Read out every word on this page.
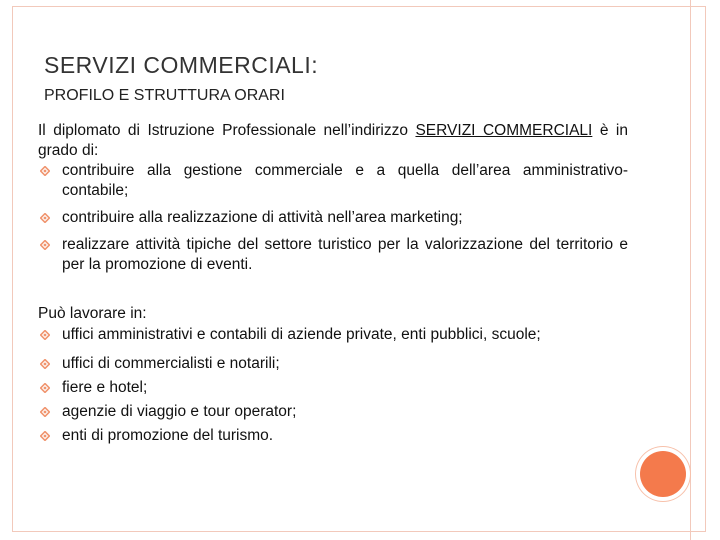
SERVIZI COMMERCIALI:
PROFILO E STRUTTURA ORARI
Il diplomato di Istruzione Professionale nell’indirizzo SERVIZI COMMERCIALI è in grado di:
contribuire alla gestione commerciale e a quella dell’area amministrativo-contabile;
contribuire alla realizzazione di attività nell’area marketing;
realizzare attività tipiche del settore turistico per la valorizzazione del territorio e per la promozione di eventi.
Può lavorare in:
uffici amministrativi e contabili di aziende private, enti pubblici, scuole;
uffici di commercialisti e notarili;
fiere e hotel;
agenzie di viaggio e tour operator;
enti di promozione del turismo.
